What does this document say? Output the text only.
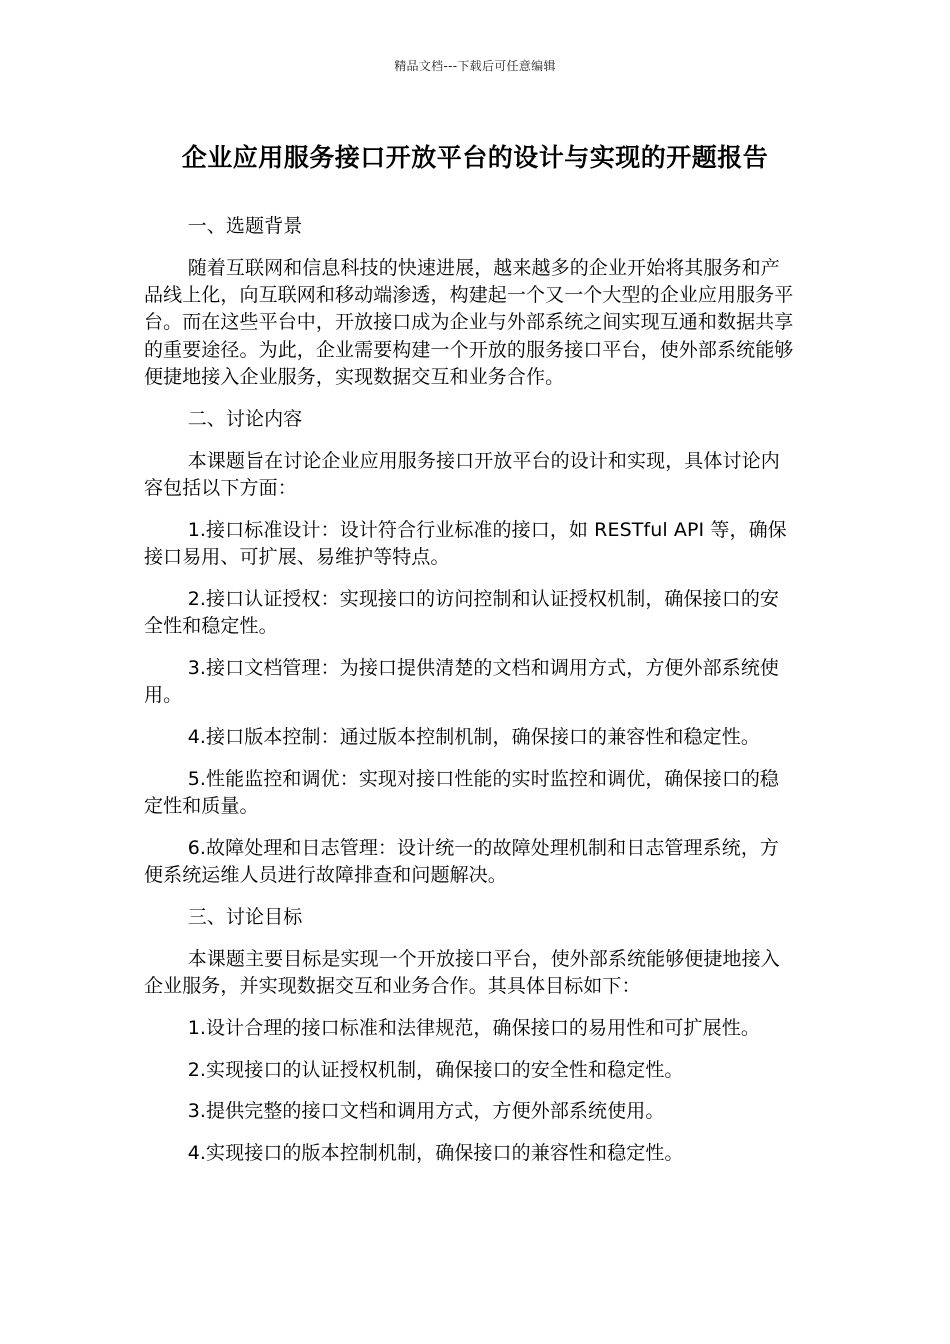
精品文档---下载后可任意编辑
企业应用服务接口开放平台的设计与实现的开题报告

一、选题背景

随着互联网和信息科技的快速进展，越来越多的企业开始将其服务和产品线上化，向互联网和移动端渗透，构建起一个又一个大型的企业应用服务平台。而在这些平台中，开放接口成为企业与外部系统之间实现互通和数据共享的重要途径。为此，企业需要构建一个开放的服务接口平台，使外部系统能够便捷地接入企业服务，实现数据交互和业务合作。

二、讨论内容

本课题旨在讨论企业应用服务接口开放平台的设计和实现，具体讨论内容包括以下方面：

1.接口标准设计：设计符合行业标准的接口，如 RESTful API 等，确保接口易用、可扩展、易维护等特点。

2.接口认证授权：实现接口的访问控制和认证授权机制，确保接口的安全性和稳定性。

3.接口文档管理：为接口提供清楚的文档和调用方式，方便外部系统使用。

4.接口版本控制：通过版本控制机制，确保接口的兼容性和稳定性。

5.性能监控和调优：实现对接口性能的实时监控和调优，确保接口的稳定性和质量。

6.故障处理和日志管理：设计统一的故障处理机制和日志管理系统，方便系统运维人员进行故障排查和问题解决。

三、讨论目标

本课题主要目标是实现一个开放接口平台，使外部系统能够便捷地接入企业服务，并实现数据交互和业务合作。其具体目标如下：

1.设计合理的接口标准和法律规范，确保接口的易用性和可扩展性。

2.实现接口的认证授权机制，确保接口的安全性和稳定性。

3.提供完整的接口文档和调用方式，方便外部系统使用。

4.实现接口的版本控制机制，确保接口的兼容性和稳定性。
